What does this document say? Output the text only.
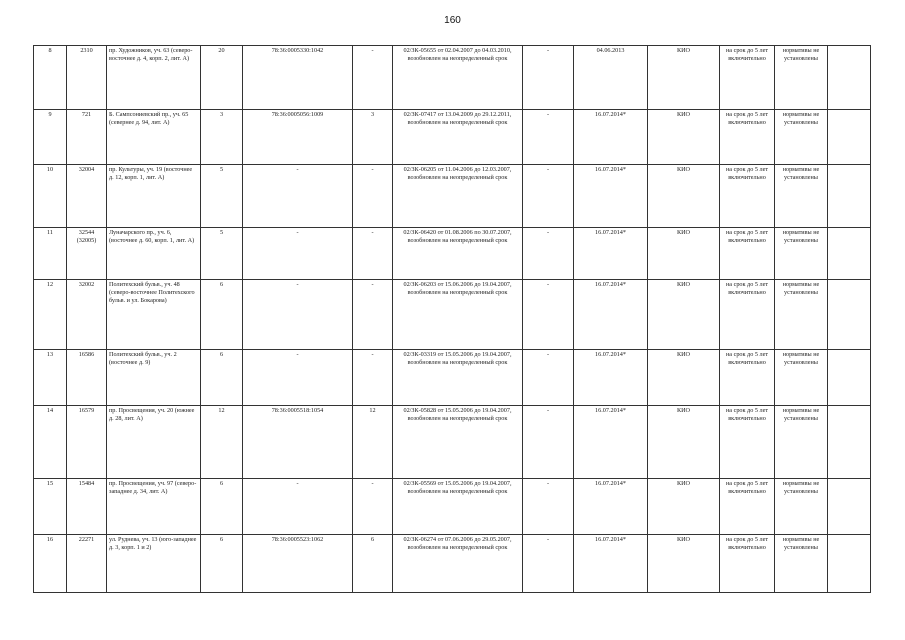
160
8	2310	пр. Художников, уч. 63 (северо-восточнее д. 4, корп. 2, лит. А)	20	78:36:0005330:1042	-	02/ЗК-05655 от 02.04.2007 до 04.03.2010, возобновлен на неопределенный срок	-	04.06.2013	КИО	на срок до 5 лет включительно	нормативы не установлены	
9	721	Б. Сампсониевский пр., уч. 65 (севернее д. 94, лит. А)	3	78:36:0005056:1009	3	02/ЗК-07417 от 13.04.2009 до 29.12.2011, возобновлен на неопределенный срок	-	16.07.2014*	КИО	на срок до 5 лет включительно	нормативы не установлены	
10	32004	пр. Культуры, уч. 19 (восточнее д. 12, корп. 1, лит. А)	5	-	-	02/ЗК-06205 от 11.04.2006 до 12.03.2007, возобновлен на неопределенный срок	-	16.07.2014*	КИО	на срок до 5 лет включительно	нормативы не установлены	
11	32544 (32005)	Луначарского пр., уч. 6, (восточнее д. 60, корп. 1, лит. А)	5	-	-	02/ЗК-06420 от 01.08.2006 по 30.07.2007, возобновлен на неопределенный срок	-	16.07.2014*	КИО	на срок до 5 лет включительно	нормативы не установлены	
12	32002	Политехский бульв., уч. 48 (северо-восточнее Политехского бульв. и ул. Бокарова)	6	-	-	02/ЗК-06203 от 15.06.2006 до 19.04.2007, возобновлен на неопределенный срок	-	16.07.2014*	КИО	на срок до 5 лет включительно	нормативы не установлены	
13	16586	Политехский бульв., уч. 2 (восточнее д. 9)	6	-	-	02/ЗК-03319 от 15.05.2006 до 19.04.2007, возобновлен на неопределенный срок	-	16.07.2014*	КИО	на срок до 5 лет включительно	нормативы не установлены	
14	16579	пр. Просвещения, уч. 20 (южнее д. 28, лит. А)	12	78:36:0005518:1054	12	02/ЗК-05828 от 15.05.2006 до 19.04.2007, возобновлен на неопределенный срок	-	16.07.2014*	КИО	на срок до 5 лет включительно	нормативы не установлены	
15	15484	пр. Просвещения, уч. 97 (северо-западнее д. 34, лит. А)	6	-	-	02/ЗК-05569 от 15.05.2006 до 19.04.2007, возобновлен на неопределенный срок	-	16.07.2014*	КИО	на срок до 5 лет включительно	нормативы не установлены	
16	22271	ул. Руднева, уч. 13 (юго-западнее д. 3, корп. 1 и 2)	6	78:36:0005523:1062	6	02/ЗК-06274 от 07.06.2006 до 29.05.2007, возобновлен на неопределенный срок	-	16.07.2014*	КИО	на срок до 5 лет включительно	нормативы не установлены	
